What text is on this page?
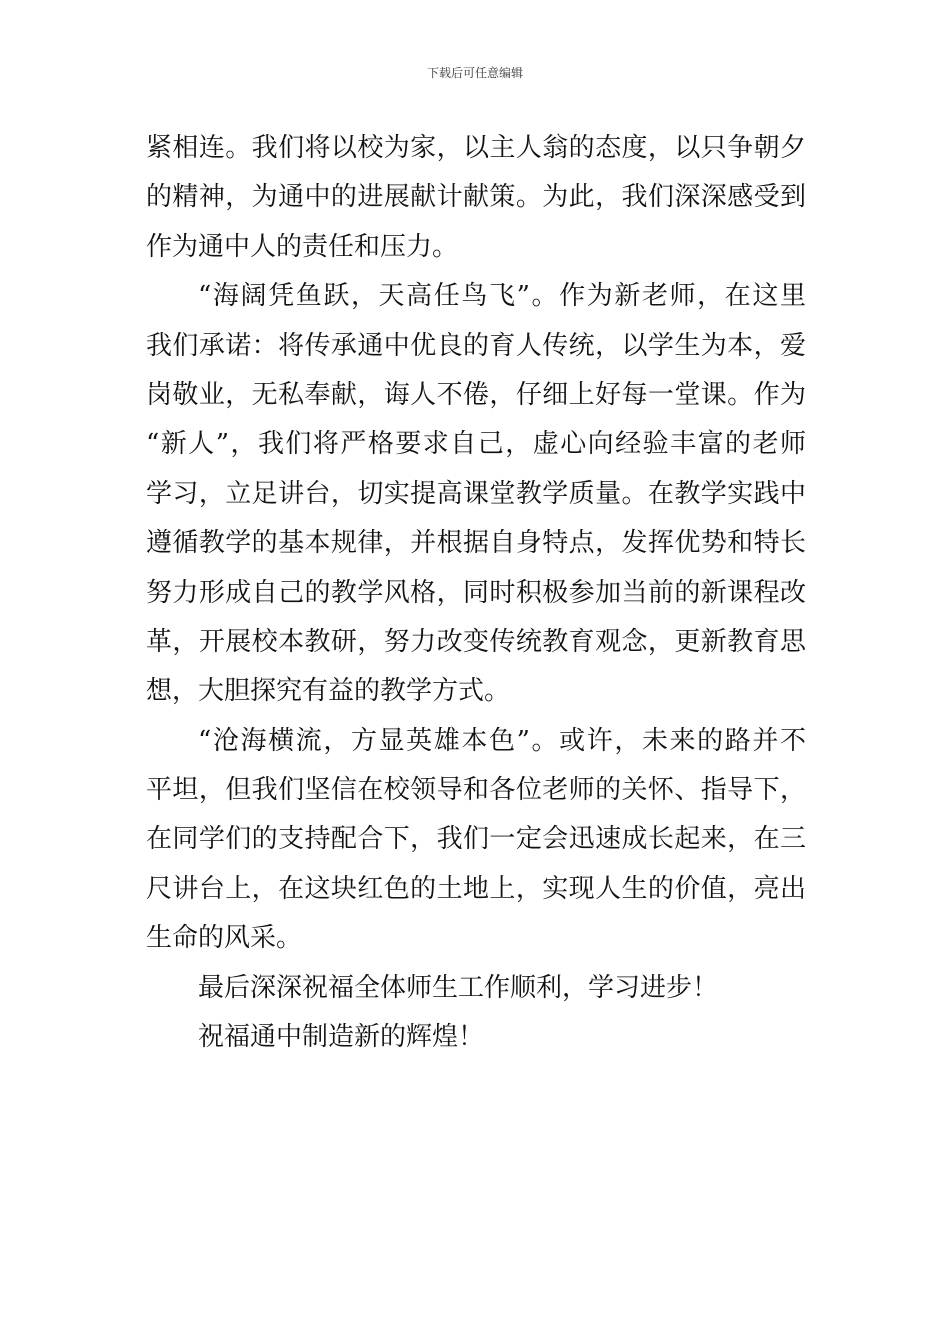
下载后可任意编辑
紧相连。我们将以校为家，以主人翁的态度，以只争朝夕
的精神，为通中的进展献计献策。为此，我们深深感受到
作为通中人的责任和压力。
“海阔凭鱼跃，天高任鸟飞”。作为新老师，在这里
我们承诺：将传承通中优良的育人传统，以学生为本，爱
岗敬业，无私奉献，诲人不倦，仔细上好每一堂课。作为
“新人”，我们将严格要求自己，虚心向经验丰富的老师
学习，立足讲台，切实提高课堂教学质量。在教学实践中
遵循教学的基本规律，并根据自身特点，发挥优势和特长
努力形成自己的教学风格，同时积极参加当前的新课程改
革，开展校本教研，努力改变传统教育观念，更新教育思
想，大胆探究有益的教学方式。
“沧海横流，方显英雄本色”。或许，未来的路并不
平坦，但我们坚信在校领导和各位老师的关怀、指导下，
在同学们的支持配合下，我们一定会迅速成长起来，在三
尺讲台上，在这块红色的土地上，实现人生的价值，亮出
生命的风采。
最后深深祝福全体师生工作顺利，学习进步！
祝福通中制造新的辉煌！
